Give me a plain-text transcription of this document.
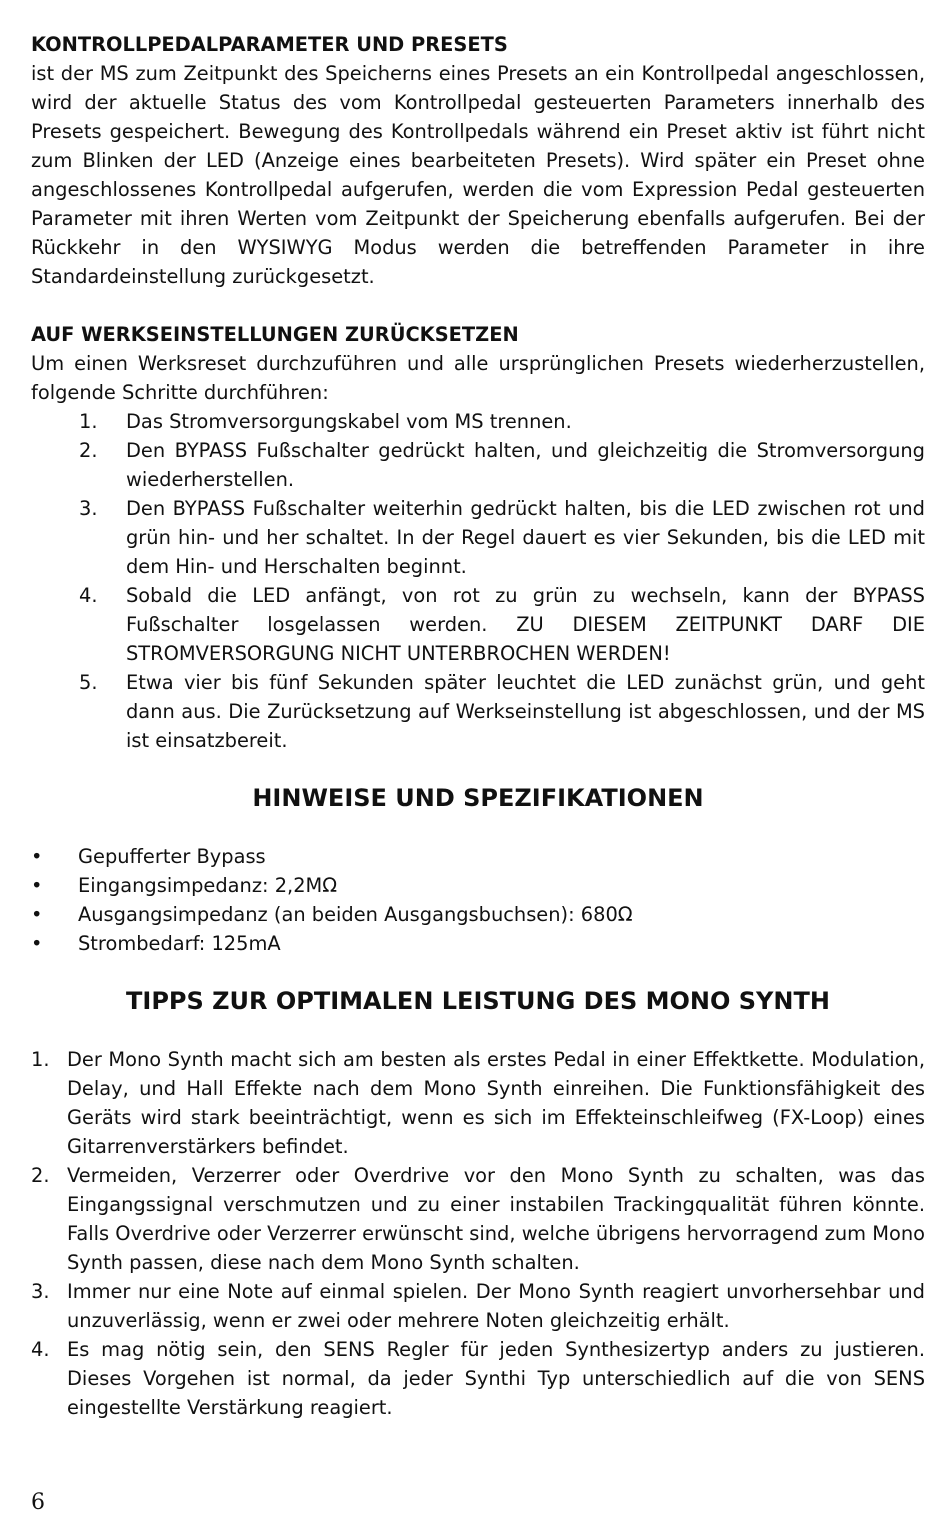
KONTROLLPEDALPARAMETER UND PRESETS

ist der MS zum Zeitpunkt des Speicherns eines Presets an ein Kontrollpedal angeschlossen, wird der aktuelle Status des vom Kontrollpedal gesteuerten Parameters innerhalb des Presets gespeichert. Bewegung des Kontrollpedals während ein Preset aktiv ist führt nicht zum Blinken der LED (Anzeige eines bearbeiteten Presets). Wird später ein Preset ohne angeschlossenes Kontrollpedal aufgerufen, werden die vom Expression Pedal gesteuerten Parameter mit ihren Werten vom Zeitpunkt der Speicherung ebenfalls aufgerufen. Bei der Rückkehr in den WYSIWYG Modus werden die betreffenden Parameter in ihre Standardeinstellung zurückgesetzt.

AUF WERKSEINSTELLUNGEN ZURÜCKSETZEN

Um einen Werksreset durchzuführen und alle ursprünglichen Presets wiederherzustellen, folgende Schritte durchführen:

1. Das Stromversorgungskabel vom MS trennen.
2. Den BYPASS Fußschalter gedrückt halten, und gleichzeitig die Stromversorgung wiederherstellen.
3. Den BYPASS Fußschalter weiterhin gedrückt halten, bis die LED zwischen rot und grün hin- und her schaltet. In der Regel dauert es vier Sekunden, bis die LED mit dem Hin- und Herschalten beginnt.
4. Sobald die LED anfängt, von rot zu grün zu wechseln, kann der BYPASS Fußschalter losgelassen werden. ZU DIESEM ZEITPUNKT DARF DIE STROMVERSORGUNG NICHT UNTERBROCHEN WERDEN!
5. Etwa vier bis fünf Sekunden später leuchtet die LED zunächst grün, und geht dann aus. Die Zurücksetzung auf Werkseinstellung ist abgeschlossen, und der MS ist einsatzbereit.
HINWEISE UND SPEZIFIKATIONEN
• Gepufferter Bypass
• Eingangsimpedanz: 2,2MΩ
• Ausgangsimpedanz (an beiden Ausgangsbuchsen): 680Ω
• Strombedarf: 125mA
TIPPS ZUR OPTIMALEN LEISTUNG DES MONO SYNTH
1. Der Mono Synth macht sich am besten als erstes Pedal in einer Effektkette. Modulation, Delay, und Hall Effekte nach dem Mono Synth einreihen. Die Funktionsfähigkeit des Geräts wird stark beeinträchtigt, wenn es sich im Effekteinschleifweg (FX-Loop) eines Gitarrenverstärkers befindet.
2. Vermeiden, Verzerrer oder Overdrive vor den Mono Synth zu schalten, was das Eingangssignal verschmutzen und zu einer instabilen Trackingqualität führen könnte. Falls Overdrive oder Verzerrer erwünscht sind, welche übrigens hervorragend zum Mono Synth passen, diese nach dem Mono Synth schalten.
3. Immer nur eine Note auf einmal spielen. Der Mono Synth reagiert unvorhersehbar und unzuverlässig, wenn er zwei oder mehrere Noten gleichzeitig erhält.
4. Es mag nötig sein, den SENS Regler für jeden Synthesizertyp anders zu justieren. Dieses Vorgehen ist normal, da jeder Synthi Typ unterschiedlich auf die von SENS eingestellte Verstärkung reagiert.
6
